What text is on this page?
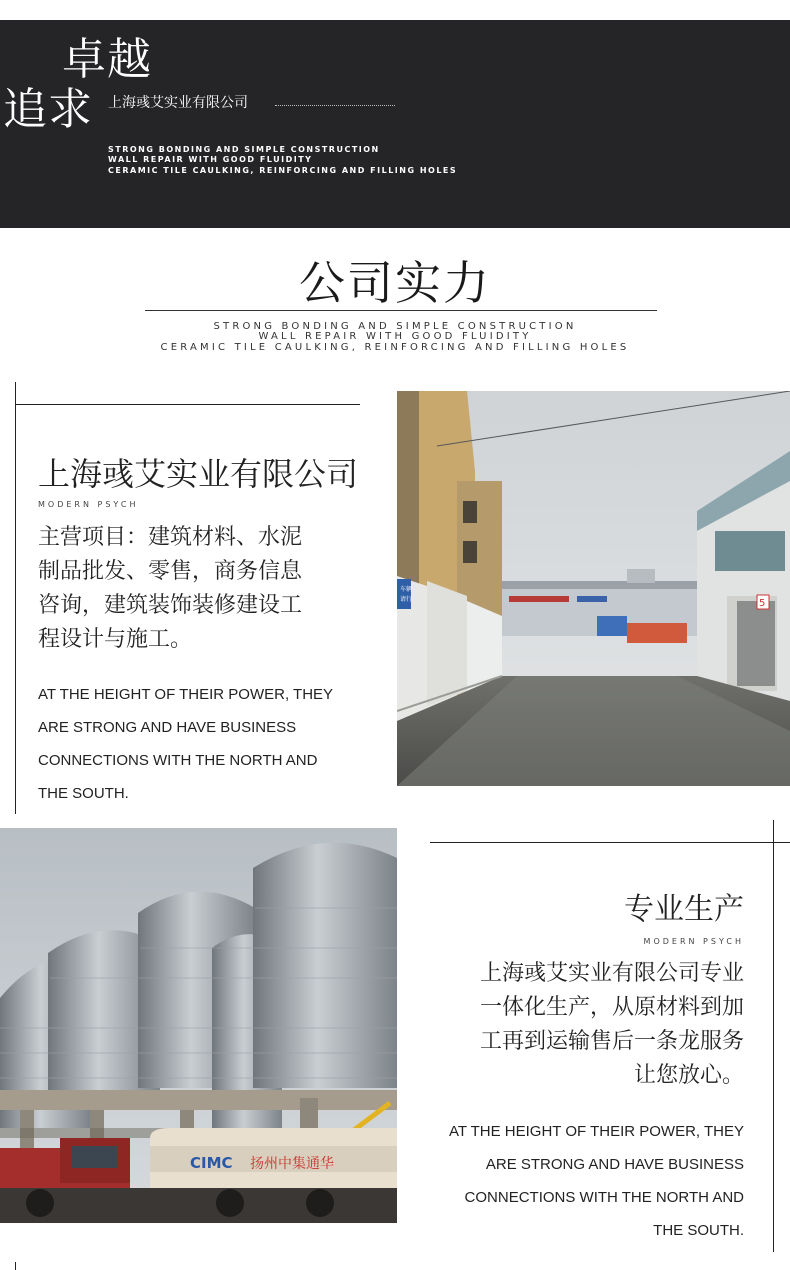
卓越
追求 上海彧艾实业有限公司
STRONG BONDING AND SIMPLE CONSTRUCTION
WALL REPAIR WITH GOOD FLUIDITY
CERAMIC TILE CAULKING, REINFORCING AND FILLING HOLES
公司实力
STRONG BONDING AND SIMPLE CONSTRUCTION
WALL REPAIR WITH GOOD FLUIDITY
CERAMIC TILE CAULKING, REINFORCING AND FILLING HOLES
上海彧艾实业有限公司
MODERN PSYCH
主营项目：建筑材料、水泥
制品批发、零售，商务信息
咨询，建筑装饰装修建设工
程设计与施工。
AT THE HEIGHT OF THEIR POWER, THEY
ARE STRONG AND HAVE BUSINESS
CONNECTIONS WITH THE NORTH AND
THE SOUTH.
车辆
请行	5
CIMC 扬州中集通华
专业生产
MODERN PSYCH
上海彧艾实业有限公司专业
一体化生产，从原材料到加
工再到运输售后一条龙服务
让您放心。
AT THE HEIGHT OF THEIR POWER, THEY
ARE STRONG AND HAVE BUSINESS
CONNECTIONS WITH THE NORTH AND
THE SOUTH.
